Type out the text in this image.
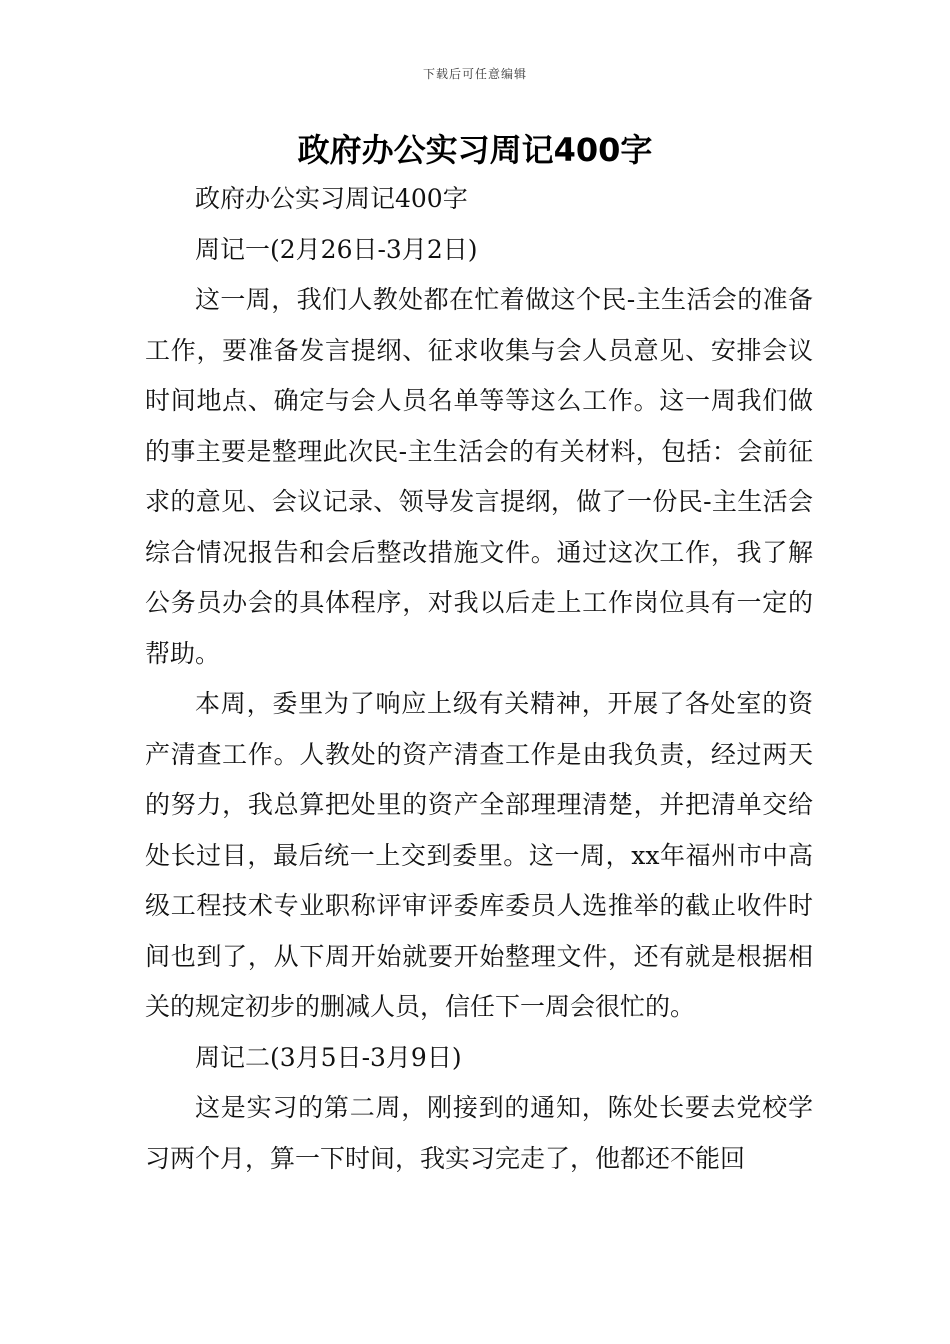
下载后可任意编辑
政府办公实习周记400字

政府办公实习周记400字

周记一(2月26日-3月2日)

这一周，我们人教处都在忙着做这个民-主生活会的准备工作，要准备发言提纲、征求收集与会人员意见、安排会议时间地点、确定与会人员名单等等这么工作。这一周我们做的事主要是整理此次民-主生活会的有关材料，包括：会前征求的意见、会议记录、领导发言提纲，做了一份民-主生活会综合情况报告和会后整改措施文件。通过这次工作，我了解公务员办会的具体程序，对我以后走上工作岗位具有一定的帮助。

本周，委里为了响应上级有关精神，开展了各处室的资产清查工作。人教处的资产清查工作是由我负责，经过两天的努力，我总算把处里的资产全部理理清楚，并把清单交给处长过目，最后统一上交到委里。这一周，xx年福州市中高级工程技术专业职称评审评委库委员人选推举的截止收件时间也到了，从下周开始就要开始整理文件，还有就是根据相关的规定初步的删减人员，信任下一周会很忙的。

周记二(3月5日-3月9日)

这是实习的第二周，刚接到的通知，陈处长要去党校学习两个月，算一下时间，我实习完走了，他都还不能回
